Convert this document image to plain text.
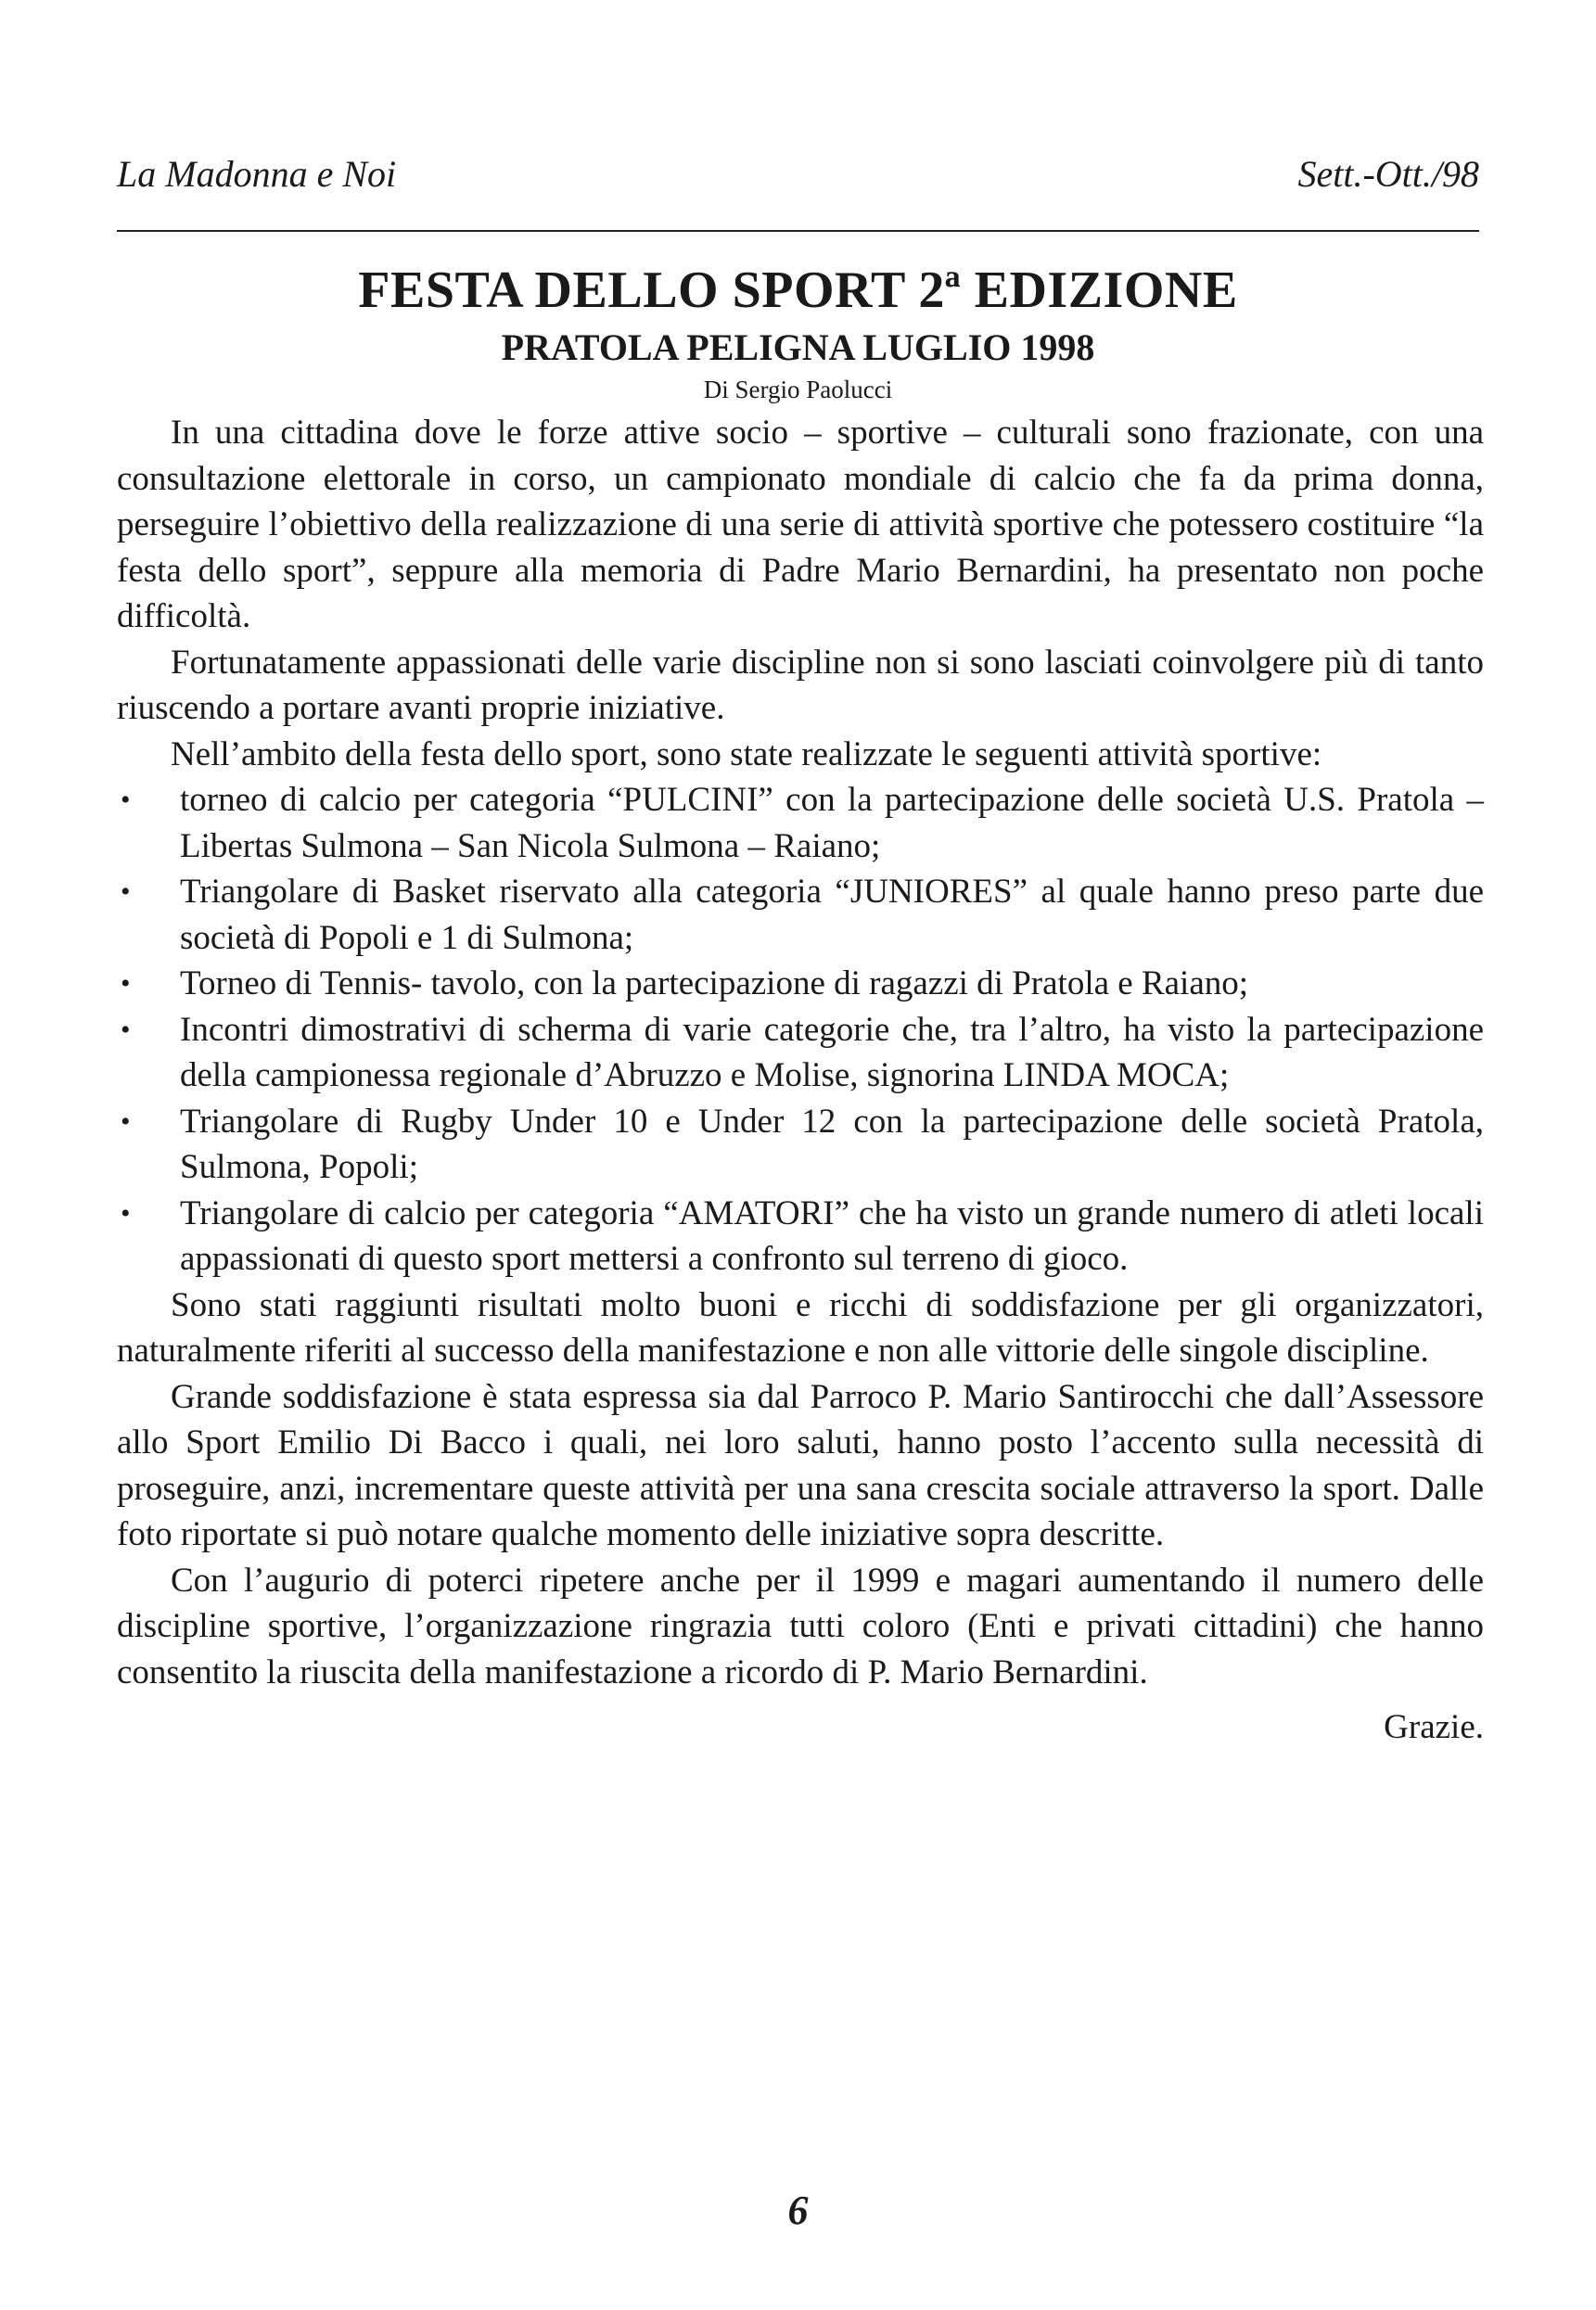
La Madonna e Noi	Sett.-Ott./98
FESTA DELLO SPORT 2ª EDIZIONE
PRATOLA PELIGNA LUGLIO 1998
Di Sergio Paolucci

In una cittadina dove le forze attive socio – sportive – culturali sono frazionate, con una consultazione elettorale in corso, un campionato mondiale di calcio che fa da prima donna, perseguire l’obiettivo della realizzazione di una serie di attività sportive che potessero costituire “la festa dello sport”, seppure alla memoria di Padre Mario Bernardini, ha presentato non poche difficoltà.

Fortunatamente appassionati delle varie discipline non si sono lasciati coinvolgere più di tanto riuscendo a portare avanti proprie iniziative.

Nell’ambito della festa dello sport, sono state realizzate le seguenti attività sportive:

• torneo di calcio per categoria “PULCINI” con la partecipazione delle società U.S. Pratola – Libertas Sulmona – San Nicola Sulmona – Raiano;
• Triangolare di Basket riservato alla categoria “JUNIORES” al quale hanno preso parte due società di Popoli e 1 di Sulmona;
• Torneo di Tennis- tavolo, con la partecipazione di ragazzi di Pratola e Raiano;
• Incontri dimostrativi di scherma di varie categorie che, tra l’altro, ha visto la partecipazione della campionessa regionale d’Abruzzo e Molise, signorina LINDA MOCA;
• Triangolare di Rugby Under 10 e Under 12 con la partecipazione delle società Pratola, Sulmona, Popoli;
• Triangolare di calcio per categoria “AMATORI” che ha visto un grande numero di atleti locali appassionati di questo sport mettersi a confronto sul terreno di gioco.

Sono stati raggiunti risultati molto buoni e ricchi di soddisfazione per gli organizzatori, naturalmente riferiti al successo della manifestazione e non alle vittorie delle singole discipline.

Grande soddisfazione è stata espressa sia dal Parroco P. Mario Santirocchi che dall’Assessore allo Sport Emilio Di Bacco i quali, nei loro saluti, hanno posto l’accento sulla necessità di proseguire, anzi, incrementare queste attività per una sana crescita sociale attraverso la sport. Dalle foto riportate si può notare qualche momento delle iniziative sopra descritte.

Con l’augurio di poterci ripetere anche per il 1999 e magari aumentando il numero delle discipline sportive, l’organizzazione ringrazia tutti coloro (Enti e privati cittadini) che hanno consentito la riuscita della manifestazione a ricordo di P. Mario Bernardini.

Grazie.

6
